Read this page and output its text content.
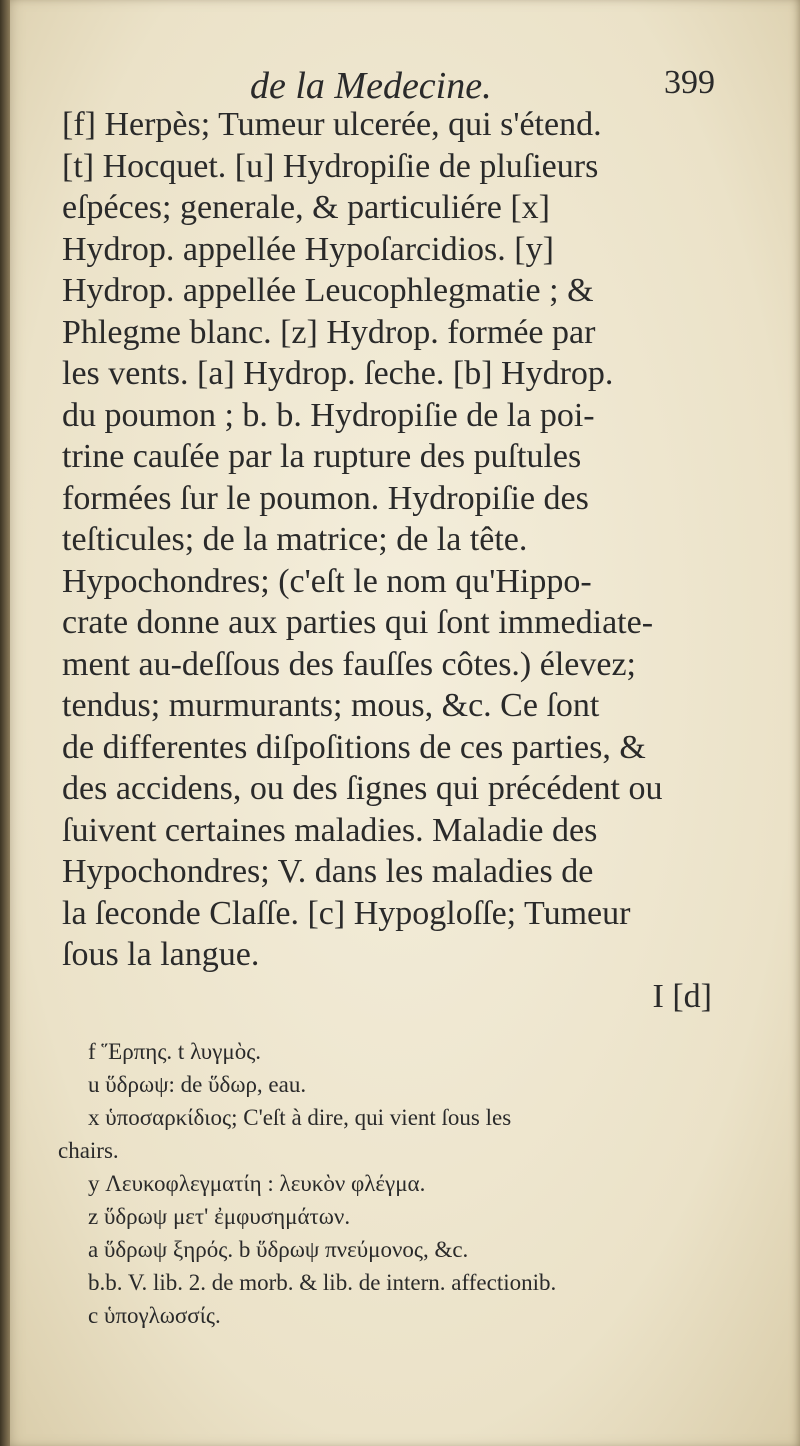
de la Medecine.	399
[f] Herpès; Tumeur ulcerée, qui s'étend.
[t] Hocquet. [u] Hydropiſie de pluſieurs
eſpéces; generale, & particuliére [x]
Hydrop. appellée Hypoſarcidios. [y]
Hydrop. appellée Leucophlegmatie ; &
Phlegme blanc. [z] Hydrop. formée par
les vents. [a] Hydrop. ſeche. [b] Hydrop.
du poumon ; b. b. Hydropiſie de la poi-
trine cauſée par la rupture des puſtules
formées ſur le poumon. Hydropiſie des
teſticules; de la matrice; de la tête.
Hypochondres; (c'eſt le nom qu'Hippo-
crate donne aux parties qui ſont immediate-
ment au-deſſous des fauſſes côtes.) élevez;
tendus; murmurants; mous, &c. Ce ſont
de differentes diſpoſitions de ces parties, &
des accidens, ou des ſignes qui précédent ou
ſuivent certaines maladies. Maladie des
Hypochondres; V. dans les maladies de
la ſeconde Claſſe. [c] Hypogloſſe; Tumeur
ſous la langue.
I [d]
f Ἕρπης. t λυγμὸς.
u ὕδρωψ: de ὕδωρ, eau.
x ὑποσαρκίδιος; C'eſt à dire, qui vient ſous les
chairs.
y Λευκοφλεγματίη : λευκὸν φλέγμα.
z ὕδρωψ μετ' ἐμφυσημάτων.
a ὕδρωψ ξηρός. b ὕδρωψ πνεύμονος, &c.
b.b. V. lib. 2. de morb. & lib. de intern. affectionib.
c ὑπογλωσσίς.
